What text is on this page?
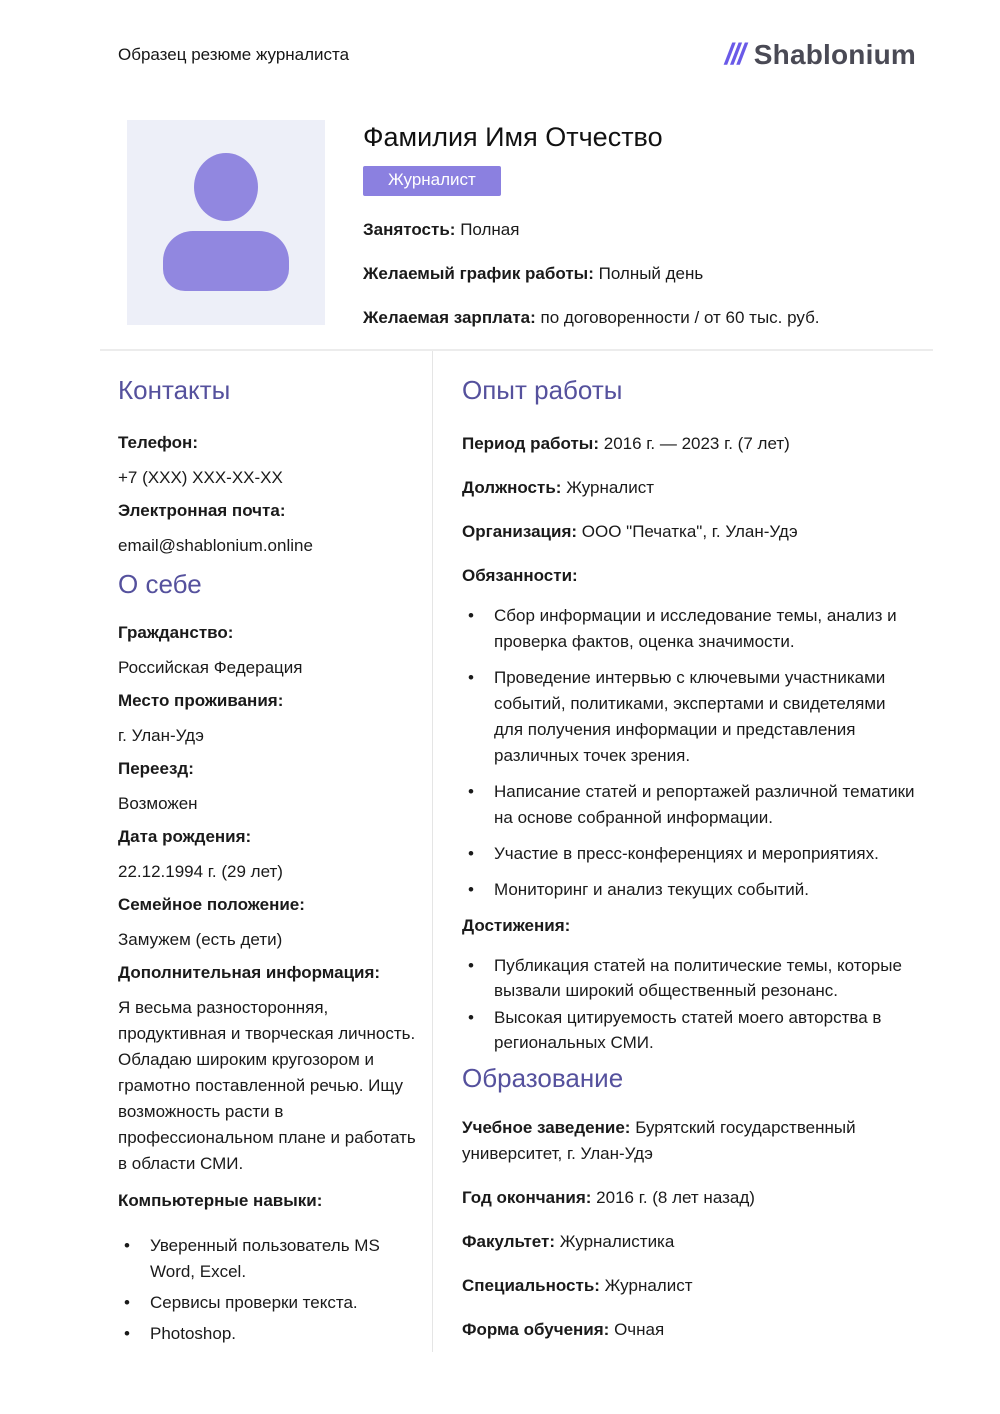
Образец резюме журналиста	/// Shablonium
Фамилия Имя Отчество
Журналист

Занятость: Полная

Желаемый график работы: Полный день

Желаемая зарплата: по договоренности / от 60 тыс. руб.

Контакты

Телефон:

+7 (XXX) XXX-XX-XX

Электронная почта:

email@shablonium.online

О себе

Гражданство:

Российская Федерация

Место проживания:

г. Улан-Удэ

Переезд:

Возможен

Дата рождения:

22.12.1994 г. (29 лет)

Семейное положение:

Замужем (есть дети)

Дополнительная информация:

Я весьма разносторонняя, продуктивная и творческая личность. Обладаю широким кругозором и грамотно поставленной речью. Ищу возможность расти в профессиональном плане и работать в области СМИ.

Компьютерные навыки:

• Уверенный пользователь MS Word, Excel.
• Сервисы проверки текста.
• Photoshop.
Опыт работы

Период работы: 2016 г. — 2023 г. (7 лет)

Должность: Журналист

Организация: ООО "Печатка", г. Улан-Удэ

Обязанности:

• Сбор информации и исследование темы, анализ и проверка фактов, оценка значимости.
• Проведение интервью с ключевыми участниками событий, политиками, экспертами и свидетелями для получения информации и представления различных точек зрения.
• Написание статей и репортажей различной тематики на основе собранной информации.
• Участие в пресс-конференциях и мероприятиях.
• Мониторинг и анализ текущих событий.

Достижения:

• Публикация статей на политические темы, которые вызвали широкий общественный резонанс.
• Высокая цитируемость статей моего авторства в региональных СМИ.
Образование

Учебное заведение: Бурятский государственный университет, г. Улан-Удэ

Год окончания: 2016 г. (8 лет назад)

Факультет: Журналистика

Специальность: Журналист

Форма обучения: Очная
